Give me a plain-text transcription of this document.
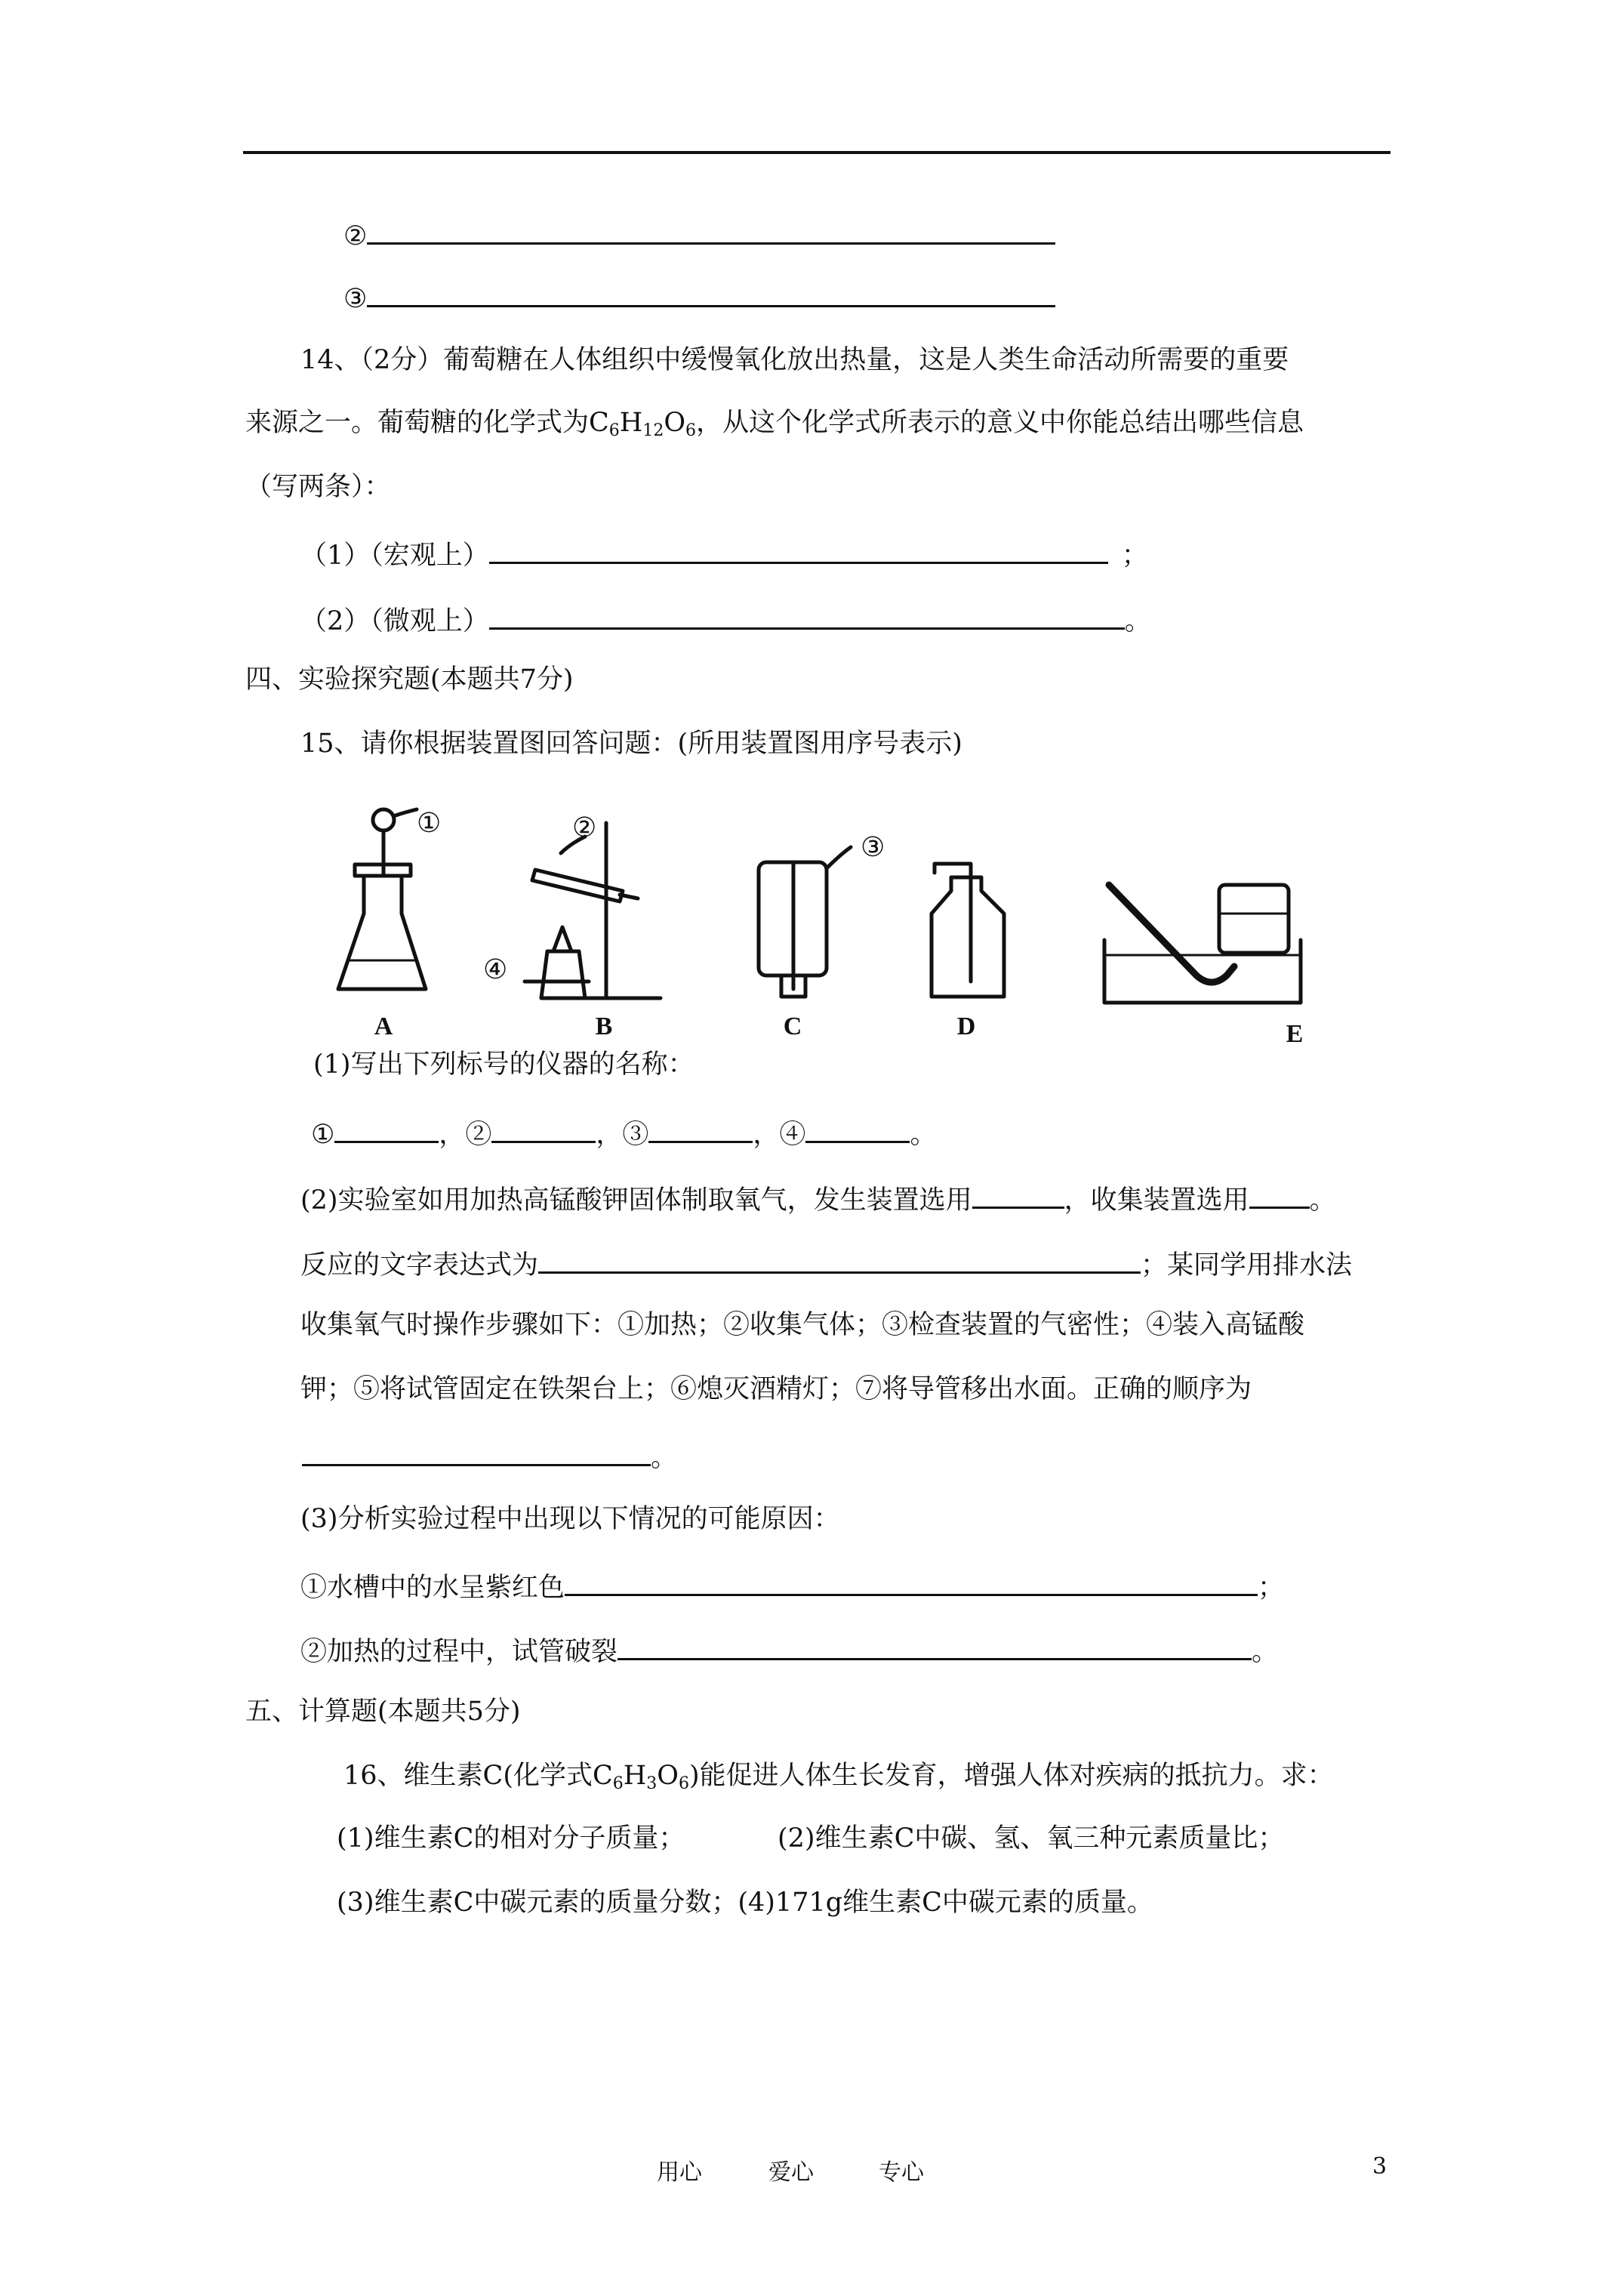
②
③
14、（2分）葡萄糖在人体组织中缓慢氧化放出热量，这是人类生命活动所需要的重要
来源之一。葡萄糖的化学式为$C_6H_{12}O_6$，从这个化学式所表示的意义中你能总结出哪些信息
（写两条）：
（1）（宏观上）	；
（2）（微观上）	。
四、实验探究题(本题共7分)
15、请你根据装置图回答问题：(所用装置图用序号表示)
①	②
③
④
A	B	C	D	E
(1)写出下列标号的仪器的名称：
①	，②	，③	，④	。
(2)实验室如用加热高锰酸钾固体制取氧气，发生装置选用	，收集装置选用 。
反应的文字表达式为	；某同学用排水法
收集氧气时操作步骤如下：①加热；②收集气体；③检查装置的气密性；④装入高锰酸
钾；⑤将试管固定在铁架台上；⑥熄灭酒精灯；⑦将导管移出水面。正确的顺序为
。
(3)分析实验过程中出现以下情况的可能原因：
①水槽中的水呈紫红色	；
②加热的过程中，试管破裂	。
五、计算题(本题共5分)
16、维生素C(化学式$C_6H_3O_6$)能促进人体生长发育，增强人体对疾病的抵抗力。求：
(1)维生素C的相对分子质量；	(2)维生素C中碳、氢、氧三种元素质量比；
(3)维生素C中碳元素的质量分数；(4)171g维生素C中碳元素的质量。
用心	爱心	专心	3
